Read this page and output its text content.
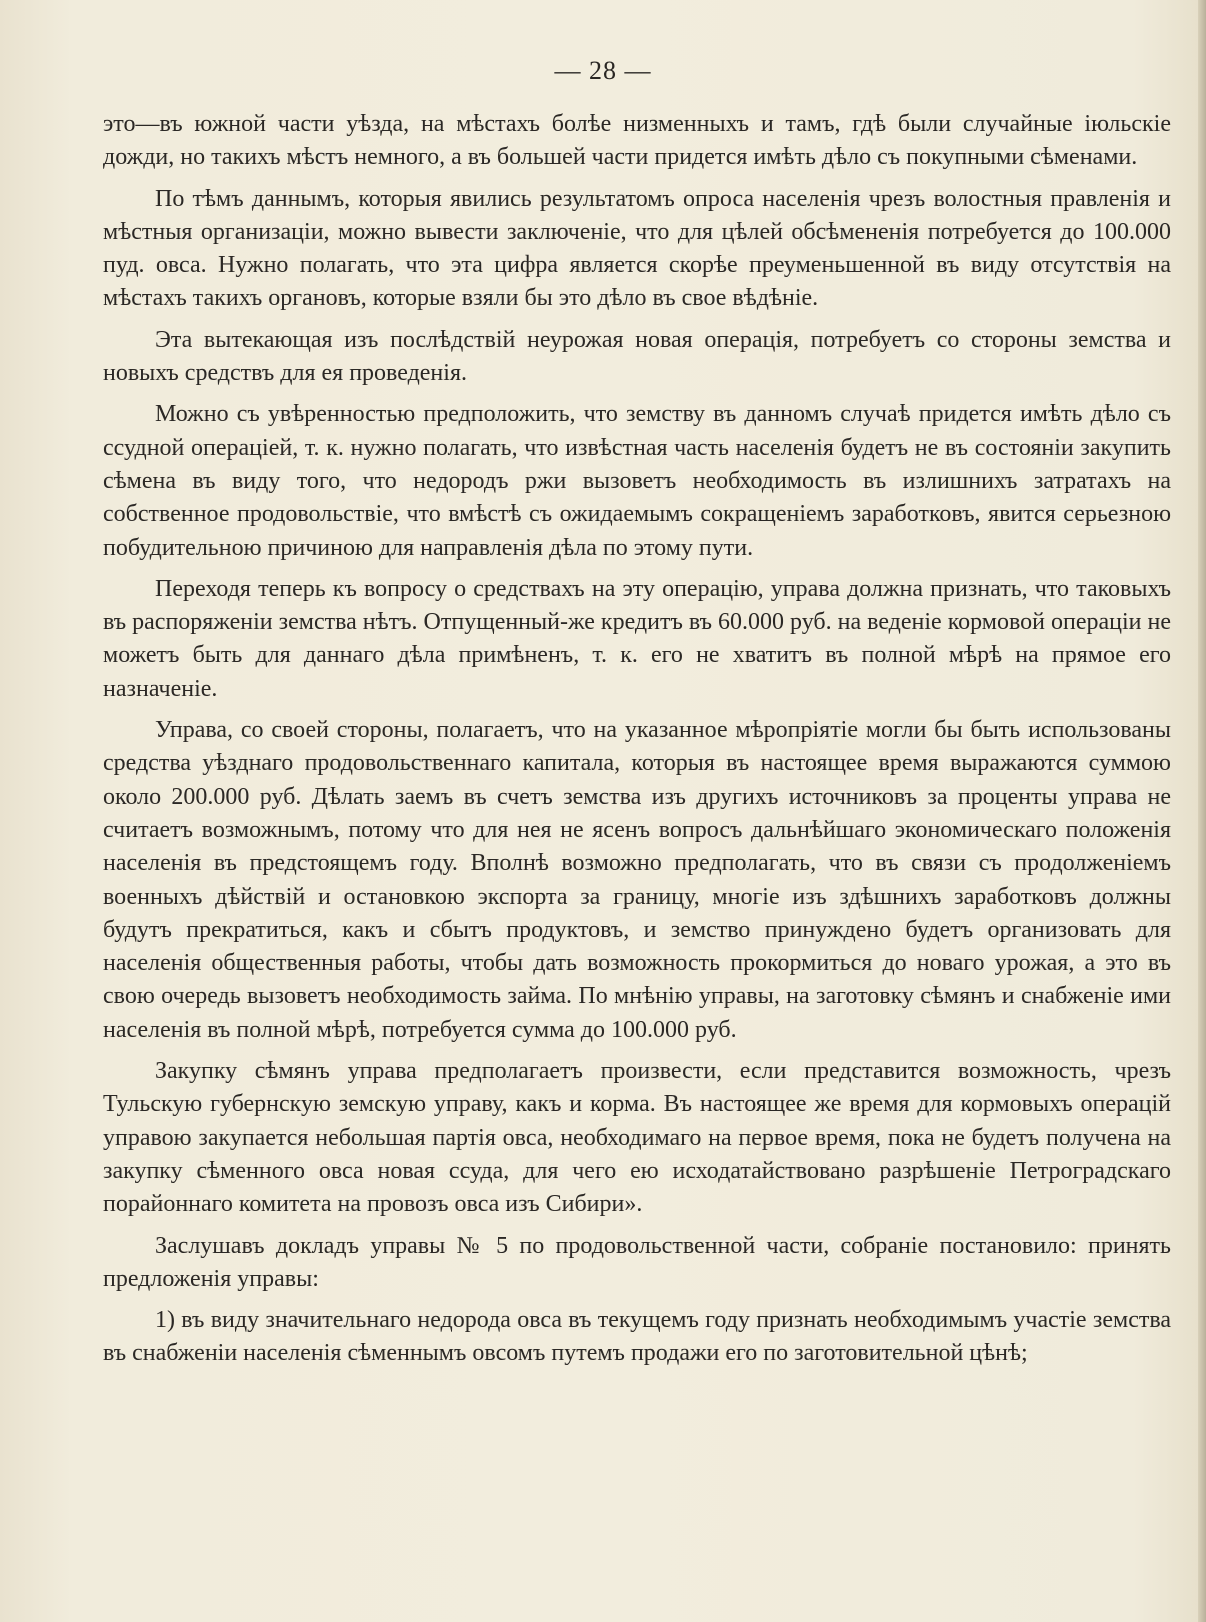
— 28 —

это—въ южной части уѣзда, на мѣстахъ болѣе низменныхъ и тамъ, гдѣ были случайные іюльскіе дожди, но такихъ мѣстъ немного, а въ большей части придется имѣть дѣло съ покупными сѣменами.

По тѣмъ даннымъ, которыя явились результатомъ опроса населенія чрезъ волостныя правленія и мѣстныя организаціи, можно вывести заключеніе, что для цѣлей обсѣмененія потребуется до 100.000 пуд. овса. Нужно полагать, что эта цифра является скорѣе преуменьшенной въ виду отсутствія на мѣстахъ такихъ органовъ, которые взяли бы это дѣло въ свое вѣдѣніе.

Эта вытекающая изъ послѣдствій неурожая новая операція, потребуетъ со стороны земства и новыхъ средствъ для ея проведенія.

Можно съ увѣренностью предположить, что земству въ данномъ случаѣ придется имѣть дѣло съ ссудной операціей, т. к. нужно полагать, что извѣстная часть населенія будетъ не въ состояніи закупить сѣмена въ виду того, что недородъ ржи вызоветъ необходимость въ излишнихъ затратахъ на собственное продовольствіе, что вмѣстѣ съ ожидаемымъ сокращеніемъ заработковъ, явится серьезною побудительною причиною для направленія дѣла по этому пути.

Переходя теперь къ вопросу о средствахъ на эту операцію, управа должна признать, что таковыхъ въ распоряженіи земства нѣтъ. Отпущенный-же кредитъ въ 60.000 руб. на веденіе кормовой операціи не можетъ быть для даннаго дѣла примѣненъ, т. к. его не хватитъ въ полной мѣрѣ на прямое его назначеніе.

Управа, со своей стороны, полагаетъ, что на указанное мѣропріятіе могли бы быть использованы средства уѣзднаго продовольственнаго капитала, которыя въ настоящее время выражаются суммою около 200.000 руб. Дѣлать заемъ въ счетъ земства изъ другихъ источниковъ за проценты управа не считаетъ возможнымъ, потому что для нея не ясенъ вопросъ дальнѣйшаго экономическаго положенія населенія въ предстоящемъ году. Вполнѣ возможно предполагать, что въ связи съ продолженіемъ военныхъ дѣйствій и остановкою экспорта за границу, многіе изъ здѣшнихъ заработковъ должны будутъ прекратиться, какъ и сбытъ продуктовъ, и земство принуждено будетъ организовать для населенія общественныя работы, чтобы дать возможность прокормиться до новаго урожая, а это въ свою очередь вызоветъ необходимость займа. По мнѣнію управы, на заготовку сѣмянъ и снабженіе ими населенія въ полной мѣрѣ, потребуется сумма до 100.000 руб.

Закупку сѣмянъ управа предполагаетъ произвести, если представится возможность, чрезъ Тульскую губернскую земскую управу, какъ и корма. Въ настоящее же время для кормовыхъ операцій управою закупается небольшая партія овса, необходимаго на первое время, пока не будетъ получена на закупку сѣменного овса новая ссуда, для чего ею исходатайствовано разрѣшеніе Петроградскаго порайоннаго комитета на провозъ овса изъ Сибири».

Заслушавъ докладъ управы № 5 по продовольственной части, собраніе постановило: принять предложенія управы:

1) въ виду значительнаго недорода овса въ текущемъ году признать необходимымъ участіе земства въ снабженіи населенія сѣменнымъ овсомъ путемъ продажи его по заготовительной цѣнѣ;
